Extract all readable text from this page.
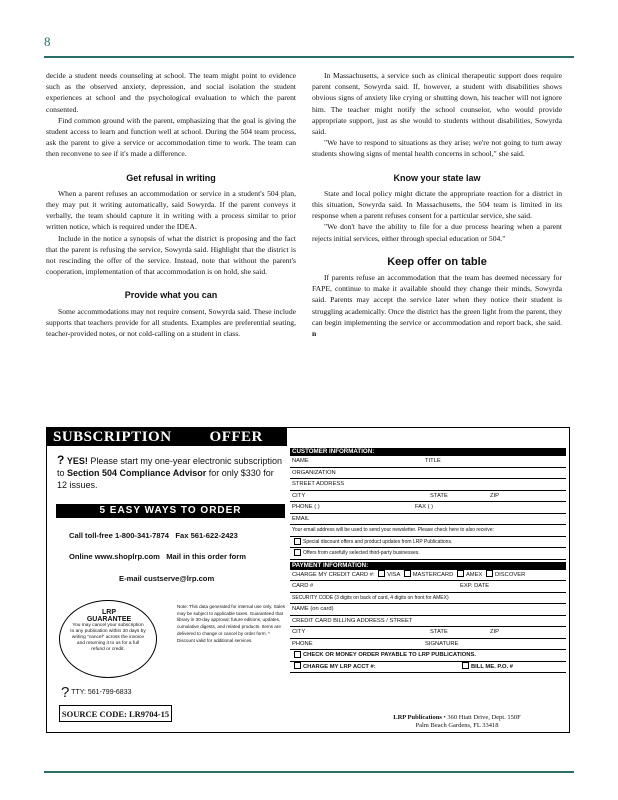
8

decide a student needs counseling at school. The team might point to evidence such as the observed anxiety, depression, and social isolation the student experiences at school and the psychological evaluation to which the parent consented.

Find common ground with the parent, emphasizing that the goal is giving the student access to learn and function well at school. During the 504 team process, ask the parent to give a service or accommodation time to work. The team can then reconvene to see if it's made a difference.

Get refusal in writing

When a parent refuses an accommodation or service in a student's 504 plan, they may put it writing automatically, said Sowyrda. If the parent conveys it verbally, the team should capture it in writing with a process similar to prior written notice, which is required under the IDEA.

Include in the notice a synopsis of what the district is proposing and the fact that the parent is refusing the service, Sowyrda said. Highlight that the district is not rescinding the offer of the service. Instead, note that without the parent's cooperation, implementation of that accommodation is on hold, she said.

Provide what you can

Some accommodations may not require consent, Sowyrda said. These include supports that teachers provide for all students. Examples are preferential seating, teacher-provided notes, or not cold-calling on a student in class.

In Massachusetts, a service such as clinical therapeutic support does require parent consent, Sowyrda said. If, however, a student with disabilities shows obvious signs of anxiety like crying or shutting down, his teacher will not ignore him. The teacher might notify the school counselor, who would provide appropriate support, just as she would to students without disabilities, Sowyrda said.

"We have to respond to situations as they arise; we're not going to turn away students showing signs of mental health concerns in school," she said.

Know your state law

State and local policy might dictate the appropriate reaction for a district in this situation, Sowyrda said. In Massachusetts, the 504 team is limited in its response when a parent refuses consent for a particular service, she said.

"We don't have the ability to file for a due process hearing when a parent rejects initial services, either through special education or 504."

Keep offer on table

If parents refuse an accommodation that the team has deemed necessary for FAPE, continue to make it available should they change their minds, Sowyrda said. Parents may accept the service later when they notice their student is struggling academically. Once the district has the green light from the parent, they can begin implementing the service or accommodation and report back, she said. n

SUBSCRIPTION	OFFER
? YES! Please start my one-year electronic subscription to Section 504 Compliance Advisor for only $330 for 12 issues.
5 EASY WAYS TO ORDER
Call toll-free 1-800-341-7874 Fax 561-622-2423
Online www.shoplrp.com Mail in this order form
E-mail custserve@lrp.com
LRP GUARANTEE
You may cancel your subscription to any publication within 30 days by writing "cancel" across the invoice and returning it to us for a full refund or credit.
? TTY: 561-799-6833
SOURCE CODE: LR9704-15
Note: This data generated for internal use only. Sales may be subject to applicable taxes. Guaranteed that library in 30-day approval; future editions, updates, cumulative digests, and related products. Items are delivered to change or cancel by order form. * Discount valid for additional services.
CUSTOMER INFORMATION:
NAME	TITLE
ORGANIZATION
STREET ADDRESS
CITY	STATE	ZIP
PHONE ( )	FAX ( )
EMAIL
Your email address will be used to send your newsletter. Please check here to also receive:
Special discount offers and product updates from LRP Publications.
Offers from carefully selected third-party businesses.
PAYMENT INFORMATION:
CHARGE MY CREDIT CARD #: VISA MASTERCARD AMEX DISCOVER
CARD #	EXP. DATE
SECURITY CODE (3 digits on back of card, 4 digits on front for AMEX)
NAME (on card)
CREDIT CARD BILLING ADDRESS / STREET
CITY	STATE	ZIP
PHONE	SIGNATURE
CHECK OR MONEY ORDER PAYABLE TO LRP PUBLICATIONS.
CHARGE MY LRP ACCT #:	BILL ME. P.O. #
LRP Publications • 360 Hiatt Drive, Dept. 150F
Palm Beach Gardens, FL 33418
